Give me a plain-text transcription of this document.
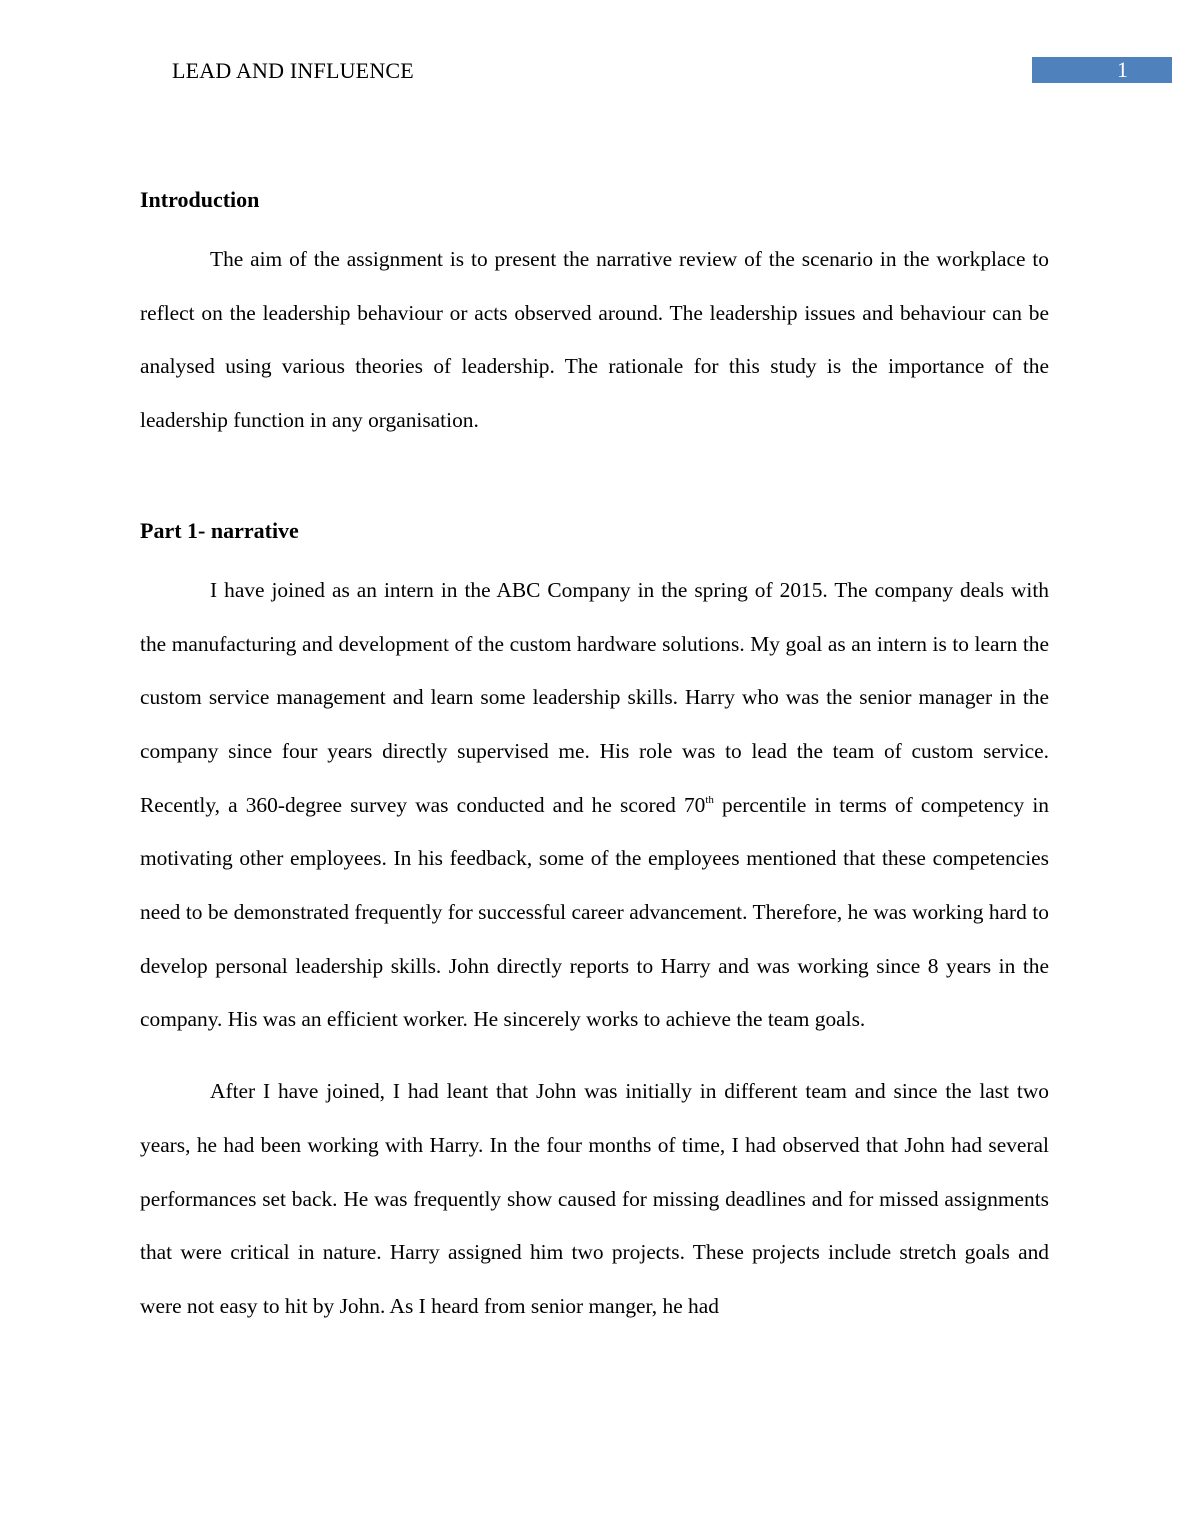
LEAD AND INFLUENCE	1
Introduction

The aim of the assignment is to present the narrative review of the scenario in the workplace to reflect on the leadership behaviour or acts observed around. The leadership issues and behaviour can be analysed using various theories of leadership. The rationale for this study is the importance of the leadership function in any organisation.

Part 1- narrative

I have joined as an intern in the ABC Company in the spring of 2015. The company deals with the manufacturing and development of the custom hardware solutions. My goal as an intern is to learn the custom service management and learn some leadership skills. Harry who was the senior manager in the company since four years directly supervised me. His role was to lead the team of custom service. Recently, a 360-degree survey was conducted and he scored 70th percentile in terms of competency in motivating other employees. In his feedback, some of the employees mentioned that these competencies need to be demonstrated frequently for successful career advancement. Therefore, he was working hard to develop personal leadership skills. John directly reports to Harry and was working since 8 years in the company. His was an efficient worker. He sincerely works to achieve the team goals.

After I have joined, I had leant that John was initially in different team and since the last two years, he had been working with Harry. In the four months of time, I had observed that John had several performances set back. He was frequently show caused for missing deadlines and for missed assignments that were critical in nature. Harry assigned him two projects. These projects include stretch goals and were not easy to hit by John. As I heard from senior manger, he had
